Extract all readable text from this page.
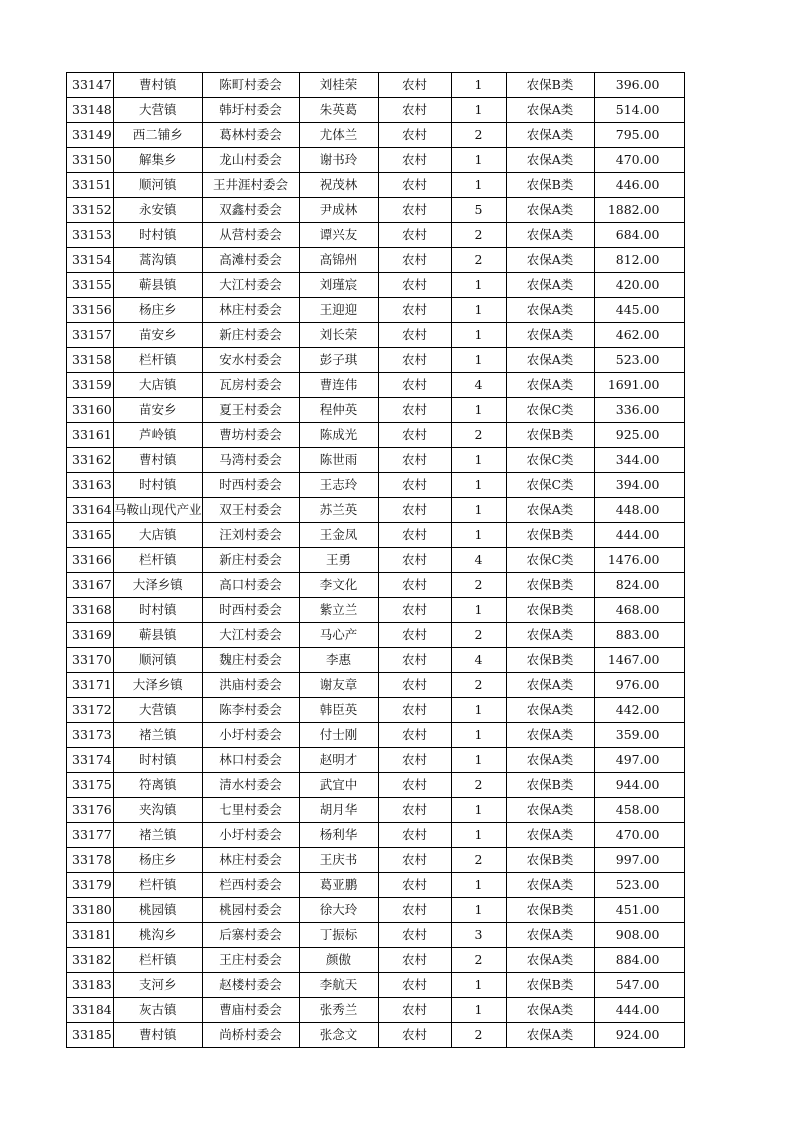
33147	曹村镇	陈町村委会	刘桂荣	农村	1	农保B类	396.00
33148	大营镇	韩圩村委会	朱英葛	农村	1	农保A类	514.00
33149	西二铺乡	葛林村委会	尤体兰	农村	2	农保A类	795.00
33150	解集乡	龙山村委会	谢书玲	农村	1	农保A类	470.00
33151	顺河镇	王井涯村委会	祝茂林	农村	1	农保B类	446.00
33152	永安镇	双鑫村委会	尹成林	农村	5	农保A类	1882.00
33153	时村镇	从营村委会	谭兴友	农村	2	农保A类	684.00
33154	蒿沟镇	高滩村委会	高锦州	农村	2	农保A类	812.00
33155	蕲县镇	大江村委会	刘瑾宸	农村	1	农保A类	420.00
33156	杨庄乡	林庄村委会	王迎迎	农村	1	农保A类	445.00
33157	苗安乡	新庄村委会	刘长荣	农村	1	农保A类	462.00
33158	栏杆镇	安水村委会	彭子琪	农村	1	农保A类	523.00
33159	大店镇	瓦房村委会	曹连伟	农村	4	农保A类	1691.00
33160	苗安乡	夏王村委会	程仲英	农村	1	农保C类	336.00
33161	芦岭镇	曹坊村委会	陈成光	农村	2	农保B类	925.00
33162	曹村镇	马湾村委会	陈世雨	农村	1	农保C类	344.00
33163	时村镇	时西村委会	王志玲	农村	1	农保C类	394.00
33164	马鞍山现代产业	双王村委会	苏兰英	农村	1	农保A类	448.00
33165	大店镇	汪刘村委会	王金凤	农村	1	农保B类	444.00
33166	栏杆镇	新庄村委会	王勇	农村	4	农保C类	1476.00
33167	大泽乡镇	高口村委会	李文化	农村	2	农保B类	824.00
33168	时村镇	时西村委会	紫立兰	农村	1	农保B类	468.00
33169	蕲县镇	大江村委会	马心产	农村	2	农保A类	883.00
33170	顺河镇	魏庄村委会	李惠	农村	4	农保B类	1467.00
33171	大泽乡镇	洪庙村委会	谢友章	农村	2	农保A类	976.00
33172	大营镇	陈李村委会	韩臣英	农村	1	农保A类	442.00
33173	褚兰镇	小圩村委会	付士刚	农村	1	农保A类	359.00
33174	时村镇	林口村委会	赵明才	农村	1	农保A类	497.00
33175	符离镇	清水村委会	武宜中	农村	2	农保B类	944.00
33176	夹沟镇	七里村委会	胡月华	农村	1	农保A类	458.00
33177	褚兰镇	小圩村委会	杨利华	农村	1	农保A类	470.00
33178	杨庄乡	林庄村委会	王庆书	农村	2	农保B类	997.00
33179	栏杆镇	栏西村委会	葛亚鹏	农村	1	农保A类	523.00
33180	桃园镇	桃园村委会	徐大玲	农村	1	农保B类	451.00
33181	桃沟乡	后寨村委会	丁振标	农村	3	农保A类	908.00
33182	栏杆镇	王庄村委会	颜傲	农村	2	农保A类	884.00
33183	支河乡	赵楼村委会	李航天	农村	1	农保B类	547.00
33184	灰古镇	曹庙村委会	张秀兰	农村	1	农保A类	444.00
33185	曹村镇	尚桥村委会	张念文	农村	2	农保A类	924.00
